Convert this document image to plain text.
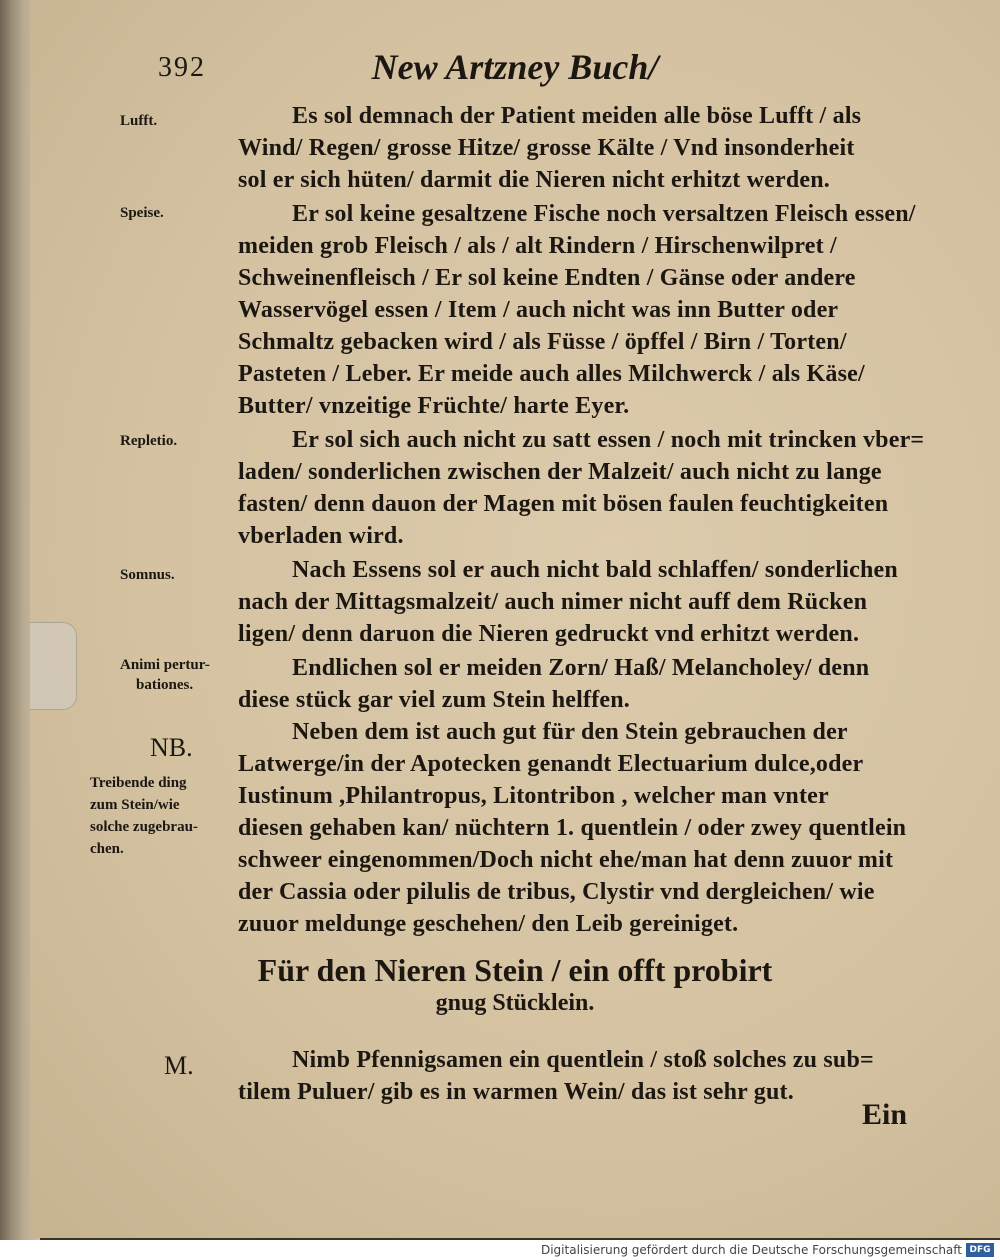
392	New Artzney Buch/
Lufft.
Speise.
Repletio.
Somnus.
Animi pertur-
bationes.
NB.
Treibende ding
zum Stein/wie
solche zugebrau-
chen.
M.
Es sol demnach der Patient meiden alle böse Lufft / als
Wind/ Regen/ grosse Hitze/ grosse Kälte / Vnd insonderheit
sol er sich hüten/ darmit die Nieren nicht erhitzt werden.
Er sol keine gesaltzene Fische noch versaltzen Fleisch essen/
meiden grob Fleisch / als / alt Rindern / Hirschenwilpret /
Schweinenfleisch / Er sol keine Endten / Gänse oder andere
Wasservögel essen / Item / auch nicht was inn Butter oder
Schmaltz gebacken wird / als Füsse / öpffel / Birn / Torten/
Pasteten / Leber. Er meide auch alles Milchwerck / als Käse/
Butter/ vnzeitige Früchte/ harte Eyer.
Er sol sich auch nicht zu satt essen / noch mit trincken vber=
laden/ sonderlichen zwischen der Malzeit/ auch nicht zu lange
fasten/ denn dauon der Magen mit bösen faulen feuchtigkeiten
vberladen wird.
Nach Essens sol er auch nicht bald schlaffen/ sonderlichen
nach der Mittagsmalzeit/ auch nimer nicht auff dem Rücken
ligen/ denn daruon die Nieren gedruckt vnd erhitzt werden.
Endlichen sol er meiden Zorn/ Haß/ Melancholey/ denn
diese stück gar viel zum Stein helffen.
Neben dem ist auch gut für den Stein gebrauchen der
Latwerge/in der Apotecken genandt Electuarium dulce,oder
Iustinum ,Philantropus, Litontribon , welcher man vnter
diesen gehaben kan/ nüchtern 1. quentlein / oder zwey quentlein
schweer eingenommen/Doch nicht ehe/man hat denn zuuor mit
der Cassia oder pilulis de tribus, Clystir vnd dergleichen/ wie
zuuor meldunge geschehen/ den Leib gereiniget.
Für den Nieren Stein / ein offt probirt
gnug Stücklein.
Nimb Pfennigsamen ein quentlein / stoß solches zu sub=
tilem Puluer/ gib es in warmen Wein/ das ist sehr gut.
Ein
Digitalisierung gefördert durch die Deutsche Forschungsgemeinschaft DFG
